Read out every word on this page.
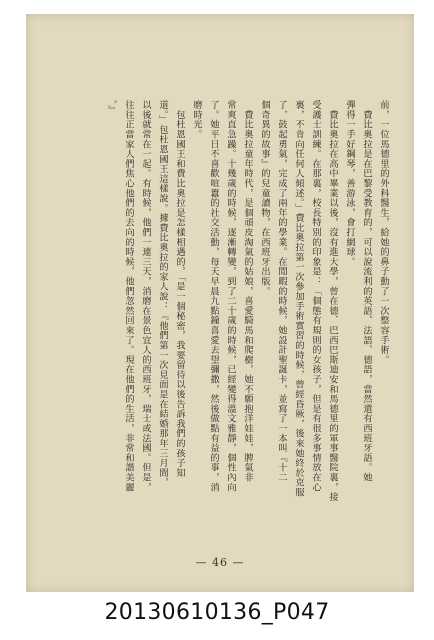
前，一位馬德里的外科醫生，給她的鼻子動了一次整容手術。
　費比奧拉是在巴黎受教育的，可以說流利的英語、法語、德語，當然還有西班牙語。她
彈得一手好鋼琴，善游泳，會打網球。
　費比奧拉在高中畢業以後，沒有進大學，曾在德．巴西巴斯迪安和馬德里的軍事醫院裏，接
受護士訓練。在那裏，校長特別的印象是：「個態有規則的女孩子，但是有很多事情放在心
裏，不肯向任何人傾述。」費比奧拉第一次參加手術實習的時候，曾經昏厥，後來她終於克服
了，鼓起勇氣，完成了兩年的學業。在閒暇的時候，她設計聖誕卡，並寫了一本叫『十二
個奇異的故事』的兒童讀物，在西班牙出版。
　費比奧拉童年時代，是個頑皮淘氣的姑娘，喜愛騎馬和爬樹，她不願抱洋娃娃，脾氣非
常爽直急躁。十幾歲的時候，逐漸轉變，到了二十歲的時候，已經變得溫文雅靜，個性內向
了。她平日不喜歡喧囂的社交活動，每天早晨九點鐘喜愛去望彌撒，然後做點有益的事，消
磨時光。
　包杜恩國王和費比奧拉是怎樣相遇的，「是一個秘密，我要留待以後告訴我們的孩子知
道。」包杜恩國王這樣說。據費比奧拉的家人說：『他們第一次見面是在結婚那年三月間，
以後就常在一起。有時候，他們一連三天，消磨在景色宜人的西班牙，瑞士或法國。但是，
往往正當家人們焦心他們的去向的時候，他們忽然回來了。現在他們的生活，非常和諧美麗
。』
— 46 —
20130610136_P047
